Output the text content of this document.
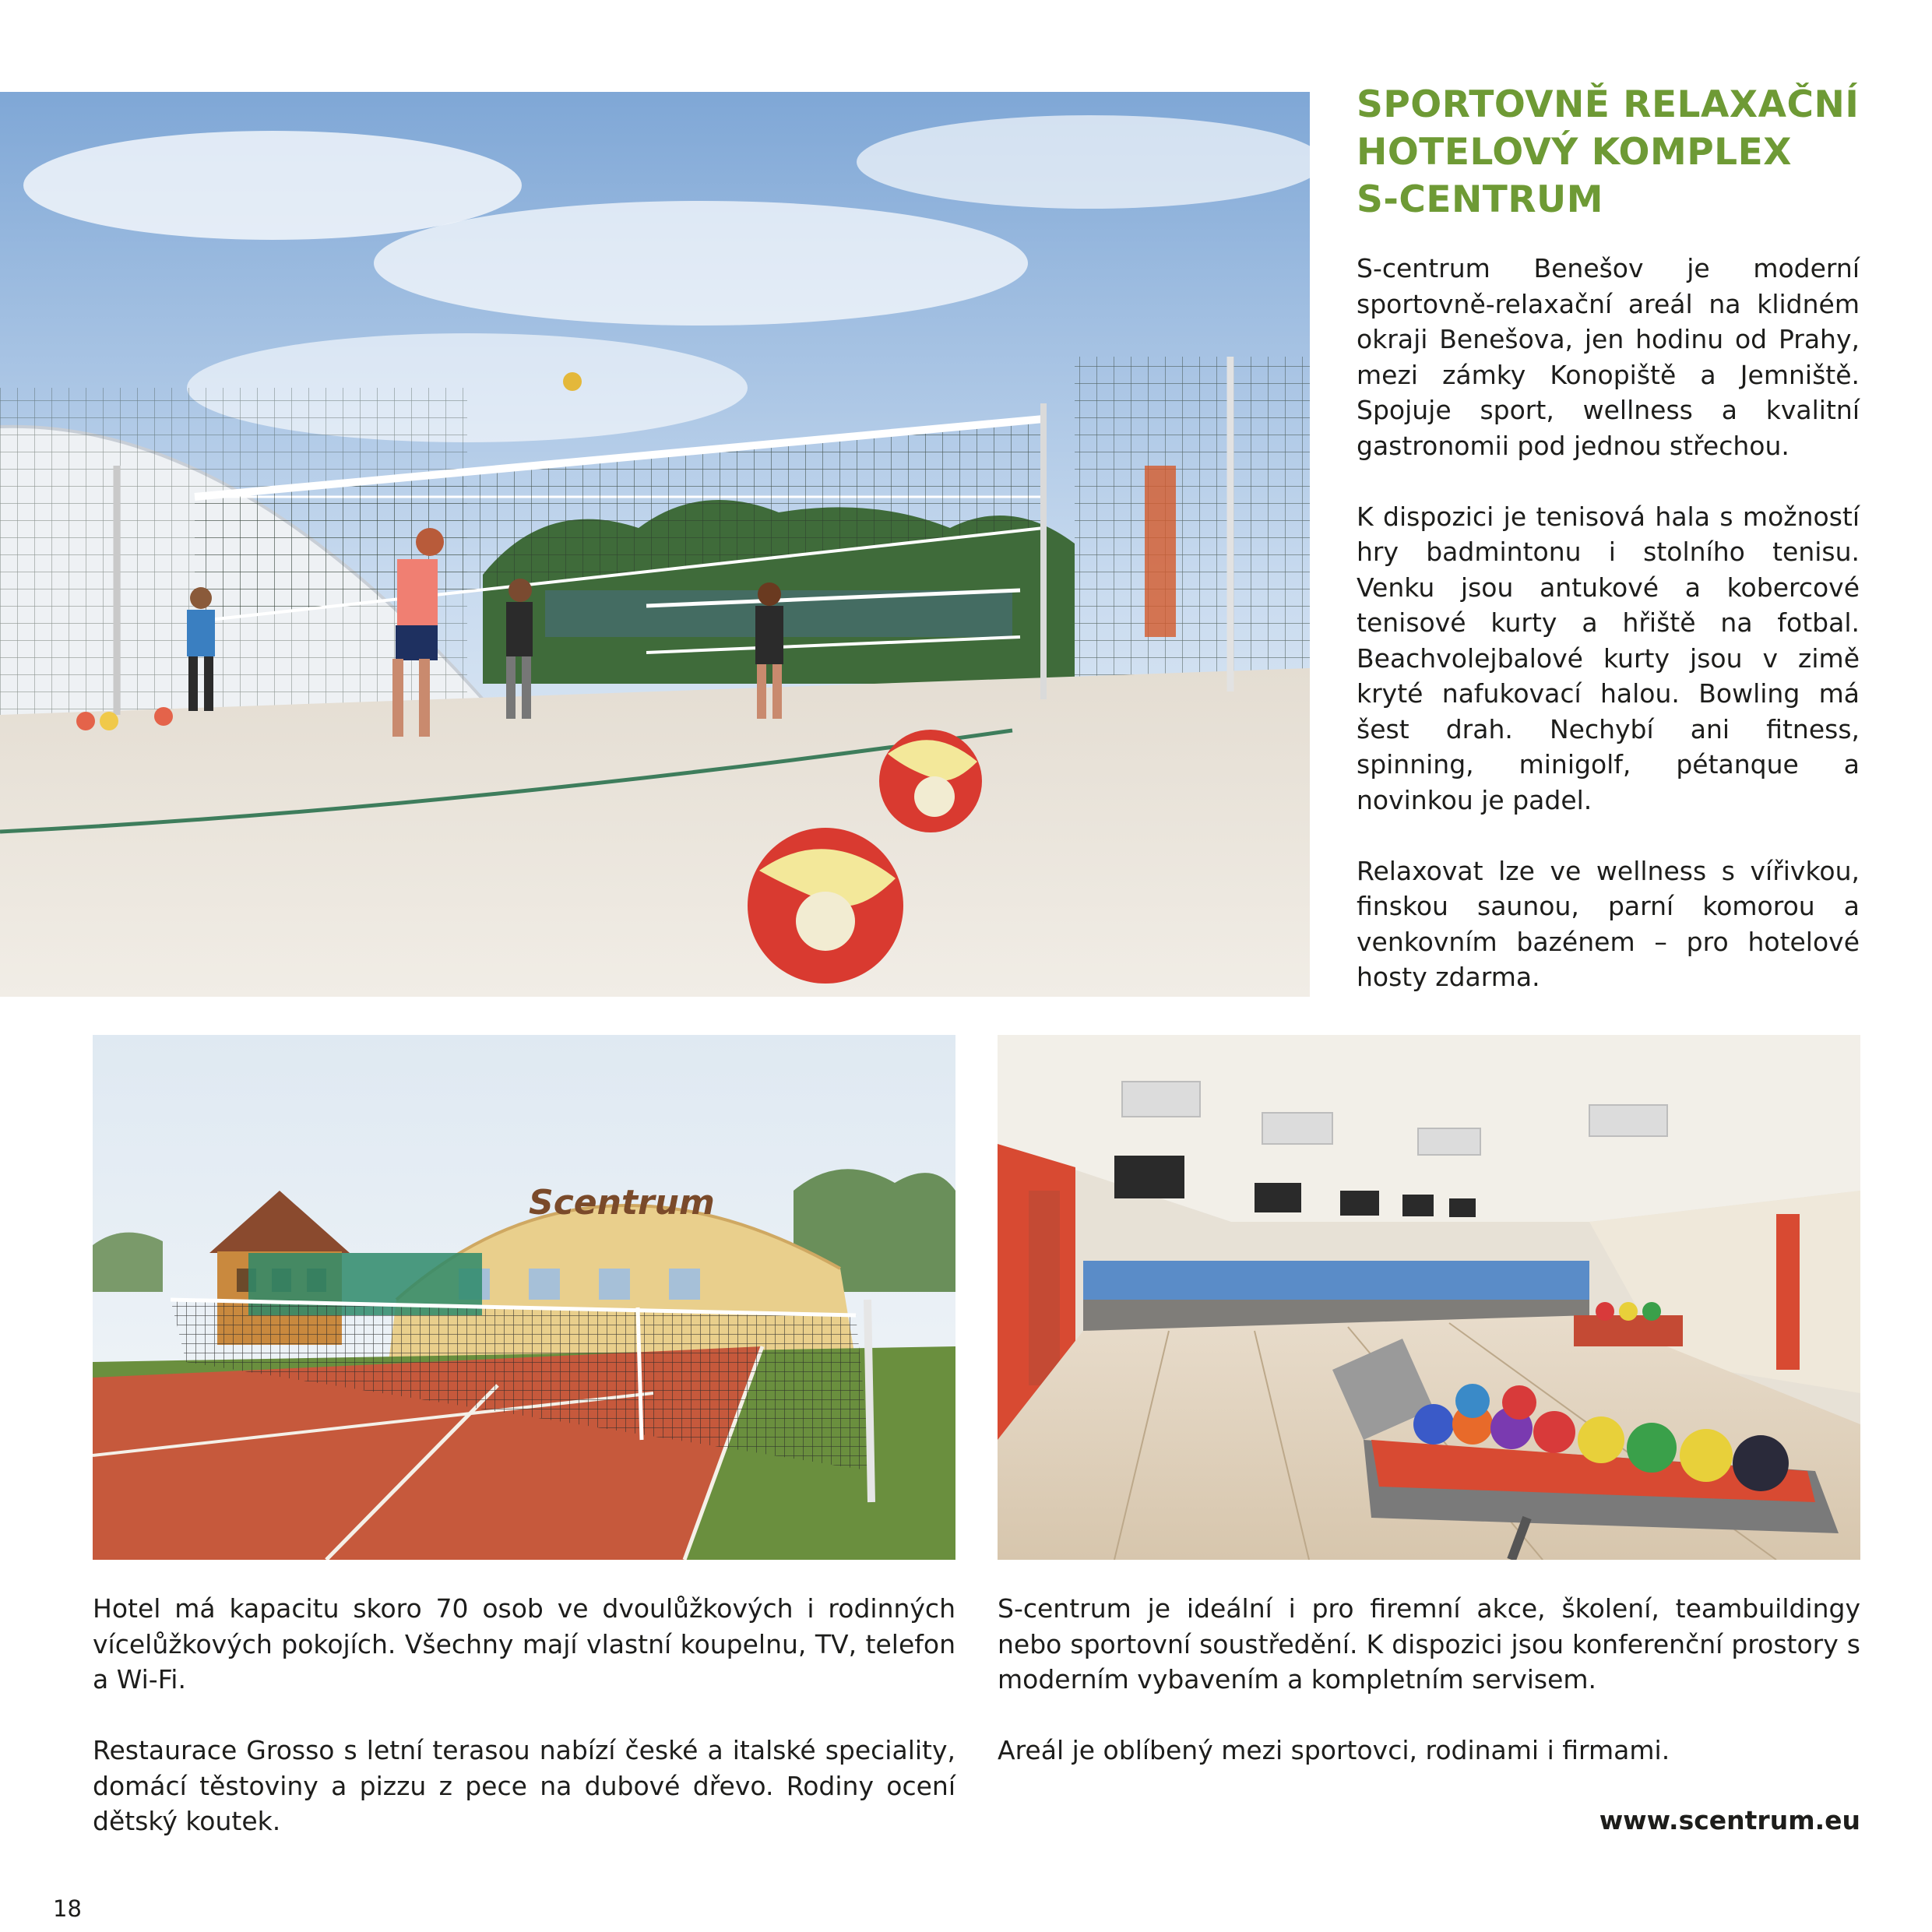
SPORTOVNĚ RELAXAČNÍ
HOTELOVÝ KOMPLEX
S-CENTRUM

S-centrum Benešov je moderní sportovně-relaxační areál na klidném okraji Benešova, jen hodinu od Prahy, mezi zámky Konopiště a Jemniště. Spojuje sport, wellness a kvalitní gastronomii pod jednou střechou.

K dispozici je tenisová hala s možností hry badmintonu i stolního tenisu. Venku jsou antukové a kobercové tenisové kurty a hřiště na fotbal. Beachvolejbalové kurty jsou v zimě kryté nafukovací halou. Bowling má šest drah. Nechybí ani fitness, spinning, minigolf, pétanque a novinkou je padel.

Relaxovat lze ve wellness s vířivkou, finskou saunou, parní komorou a venkovním bazénem – pro hotelové hosty zdarma.

Scentrum

Hotel má kapacitu skoro 70 osob ve dvoulůžkových i rodinných vícelůžkových pokojích. Všechny mají vlastní koupelnu, TV, telefon a Wi-Fi.

Restaurace Grosso s letní terasou nabízí české a italské speciality, domácí těstoviny a pizzu z pece na dubové dřevo. Rodiny ocení dětský koutek.

S-centrum je ideální i pro firemní akce, školení, teambuildingy nebo sportovní soustředění. K dispozici jsou konferenční prostory s moderním vybavením a kompletním servisem.

Areál je oblíbený mezi sportovci, rodinami i firmami.

www.scentrum.eu
18
